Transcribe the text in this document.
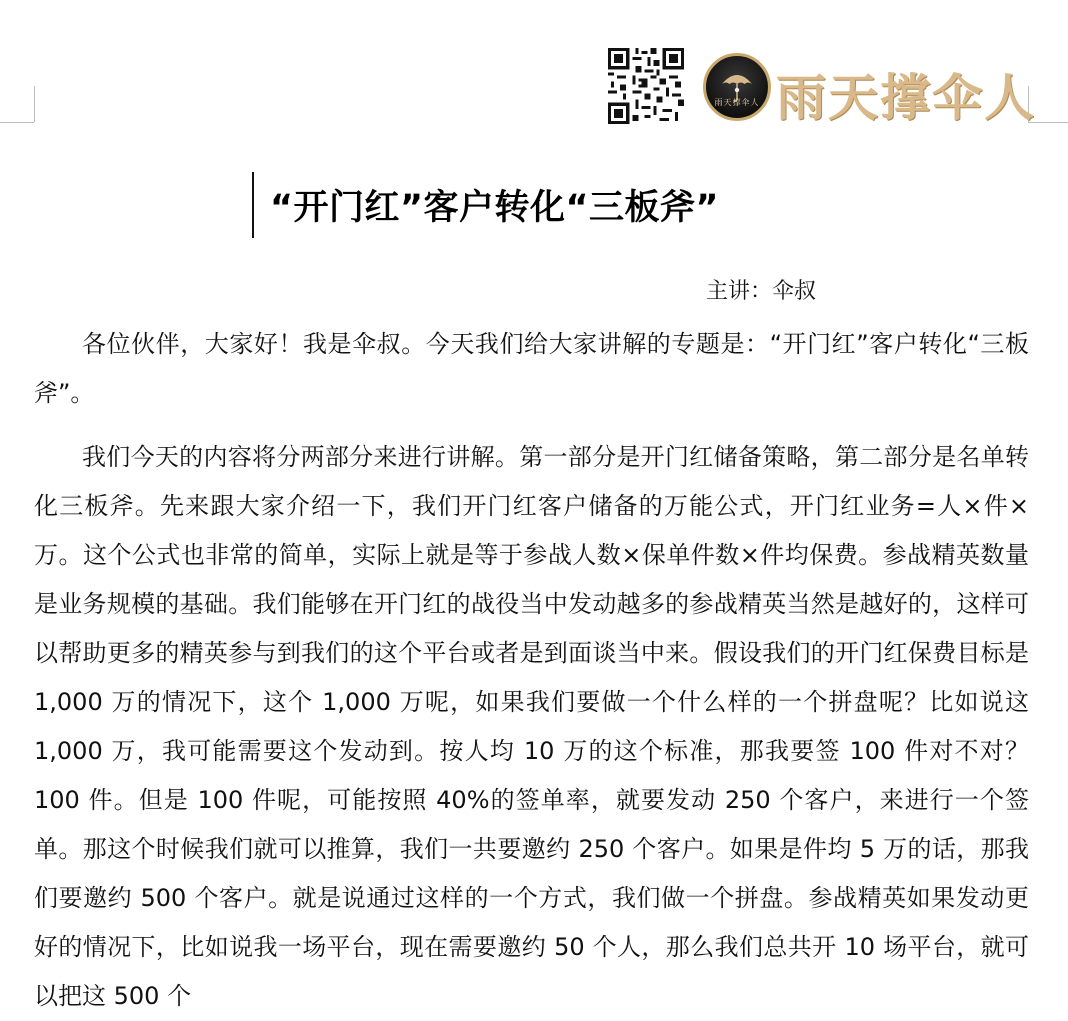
雨天撑伞人 雨天撑伞人
“开门红”客户转化“三板斧”
主讲：伞叔

各位伙伴，大家好！我是伞叔。今天我们给大家讲解的专题是：“开门红”客户转化“三板斧”。

我们今天的内容将分两部分来进行讲解。第一部分是开门红储备策略，第二部分是名单转化三板斧。先来跟大家介绍一下，我们开门红客户储备的万能公式，开门红业务=人×件×万。这个公式也非常的简单，实际上就是等于参战人数×保单件数×件均保费。参战精英数量是业务规模的基础。我们能够在开门红的战役当中发动越多的参战精英当然是越好的，这样可以帮助更多的精英参与到我们的这个平台或者是到面谈当中来。假设我们的开门红保费目标是1,000 万的情况下，这个 1,000 万呢，如果我们要做一个什么样的一个拼盘呢？比如说这 1,000 万，我可能需要这个发动到。按人均 10 万的这个标准，那我要签 100 件对不对？100 件。但是 100 件呢，可能按照 40%的签单率，就要发动 250 个客户，来进行一个签单。那这个时候我们就可以推算，我们一共要邀约 250 个客户。如果是件均 5 万的话，那我们要邀约 500 个客户。就是说通过这样的一个方式，我们做一个拼盘。参战精英如果发动更好的情况下，比如说我一场平台，现在需要邀约 50 个人，那么我们总共开 10 场平台，就可以把这 500 个
